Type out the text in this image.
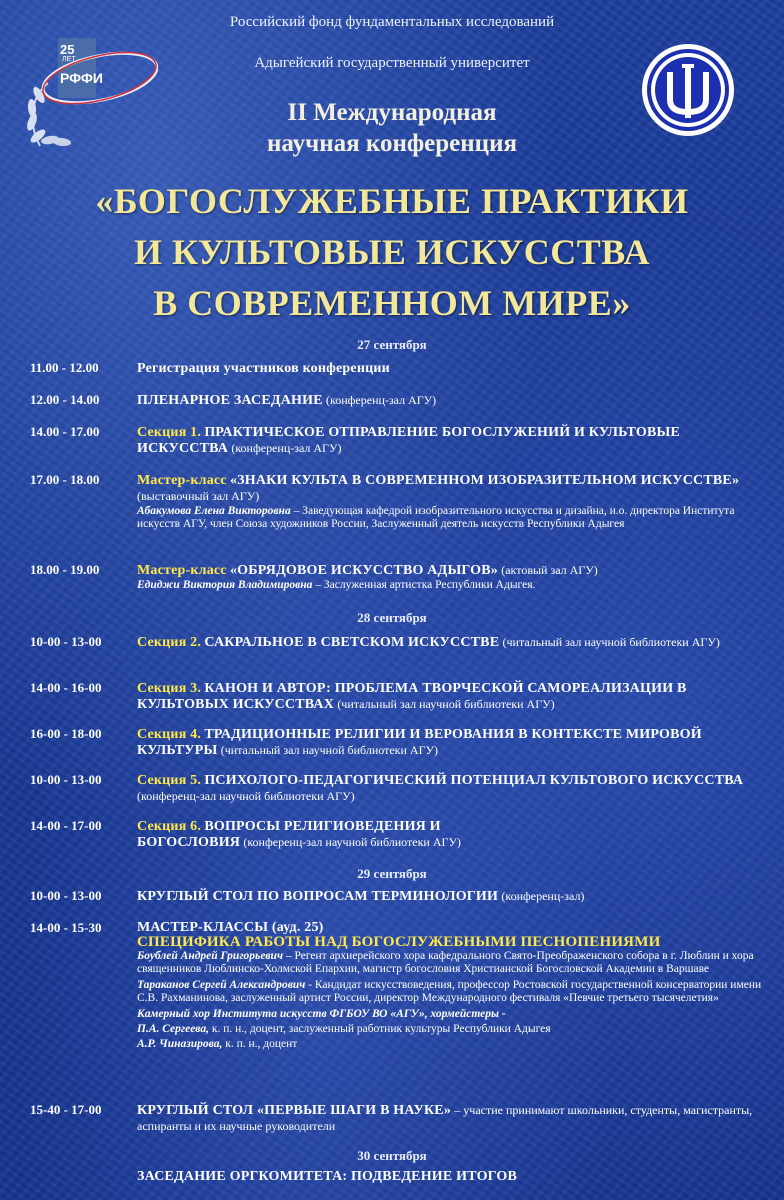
Российский фонд фундаментальных исследований
Адыгейский государственный университет
25
ЛЕТ
РФФИ
II Международная
научная конференция
«БОГОСЛУЖЕБНЫЕ ПРАКТИКИ
И КУЛЬТОВЫЕ ИСКУССТВА
В СОВРЕМЕННОМ МИРЕ»
27 сентября
11.00 - 12.00	Регистрация участников конференции
12.00 - 14.00	ПЛЕНАРНОЕ ЗАСЕДАНИЕ (конференц-зал АГУ)
14.00 - 17.00	Секция 1. ПРАКТИЧЕСКОЕ ОТПРАВЛЕНИЕ БОГОСЛУЖЕНИЙ И КУЛЬТОВЫЕ ИСКУССТВА (конференц-зал АГУ)
17.00 - 18.00	Мастер-класс «ЗНАКИ КУЛЬТА В СОВРЕМЕННОМ ИЗОБРАЗИТЕЛЬНОМ ИСКУССТВЕ» (выставочный зал АГУ)
Абакумова Елена Викторовна – Заведующая кафедрой изобразительного искусства и дизайна, и.о. директора Института искусств АГУ, член Союза художников России, Заслуженный деятель искусств Республики Адыгея
18.00 - 19.00	Мастер-класс «ОБРЯДОВОЕ ИСКУССТВО АДЫГОВ» (актовый зал АГУ)
Едиджи Виктория Владимировна – Заслуженная артистка Республики Адыгея.
28 сентября
10-00 - 13-00	Секция 2. САКРАЛЬНОЕ В СВЕТСКОМ ИСКУССТВЕ (читальный зал научной библиотеки АГУ)
14-00 - 16-00	Секция 3. КАНОН И АВТОР: ПРОБЛЕМА ТВОРЧЕСКОЙ САМОРЕАЛИЗАЦИИ В КУЛЬТОВЫХ ИСКУССТВАХ (читальный зал научной библиотеки АГУ)
16-00 - 18-00	Секция 4. ТРАДИЦИОННЫЕ РЕЛИГИИ И ВЕРОВАНИЯ В КОНТЕКСТЕ МИРОВОЙ КУЛЬТУРЫ (читальный зал научной библиотеки АГУ)
10-00 - 13-00	Секция 5. ПСИХОЛОГО-ПЕДАГОГИЧЕСКИЙ ПОТЕНЦИАЛ КУЛЬТОВОГО ИСКУССТВА (конференц-зал научной библиотеки АГУ)
14-00 - 17-00	Секция 6. ВОПРОСЫ РЕЛИГИОВЕДЕНИЯ И БОГОСЛОВИЯ (конференц-зал научной библиотеки АГУ)
29 сентября
10-00 - 13-00	КРУГЛЫЙ СТОЛ ПО ВОПРОСАМ ТЕРМИНОЛОГИИ (конференц-зал)
14-00 - 15-30	МАСТЕР-КЛАССЫ (ауд. 25)
СПЕЦИФИКА РАБОТЫ НАД БОГОСЛУЖЕБНЫМИ ПЕСНОПЕНИЯМИ
Боублей Андрей Григорьевич – Регент архиерейского хора кафедрального Свято-Преображенского собора в г. Люблин и хора священников Люблинско-Холмской Епархии, магистр богословия Христианской Богословской Академии в Варшаве
Тараканов Сергей Александрович - Кандидат искусствоведения, профессор Ростовской государственной консерватории имени С.В. Рахманинова, заслуженный артист России, директор Международного фестиваля «Певчие третьего тысячелетия»
Камерный хор Института искусств ФГБОУ ВО «АГУ», хормейстеры -
П.А. Сергеева, к. п. н., доцент, заслуженный работник культуры Республики Адыгея
А.Р. Чиназирова, к. п. н., доцент
15-40 - 17-00	КРУГЛЫЙ СТОЛ «ПЕРВЫЕ ШАГИ В НАУКЕ» – участие принимают школьники, студенты, магистранты, аспиранты и их научные руководители
30 сентября
ЗАСЕДАНИЕ ОРГКОМИТЕТА: ПОДВЕДЕНИЕ ИТОГОВ
